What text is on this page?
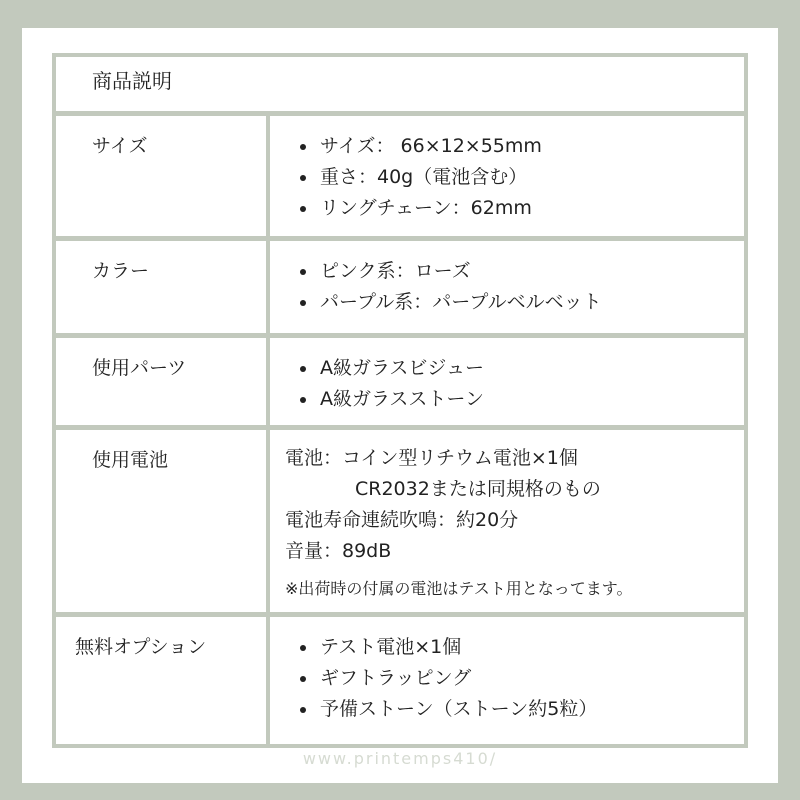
商品説明
サイズ	サイズ： 66×12×55mm
重さ：40g（電池含む）
リングチェーン：62mm
カラー	ピンク系：ローズ
パープル系：パープルベルベット
使用パーツ	A級ガラスビジュー
A級ガラスストーン
使用電池	電池：コイン型リチウム電池×1個
CR2032または同規格のもの
電池寿命連続吹鳴：約20分
音量：89dB
※出荷時の付属の電池はテスト用となってます。
無料オプション	テスト電池×1個
ギフトラッピング
予備ストーン（ストーン約5粒）
www.printemps410/
